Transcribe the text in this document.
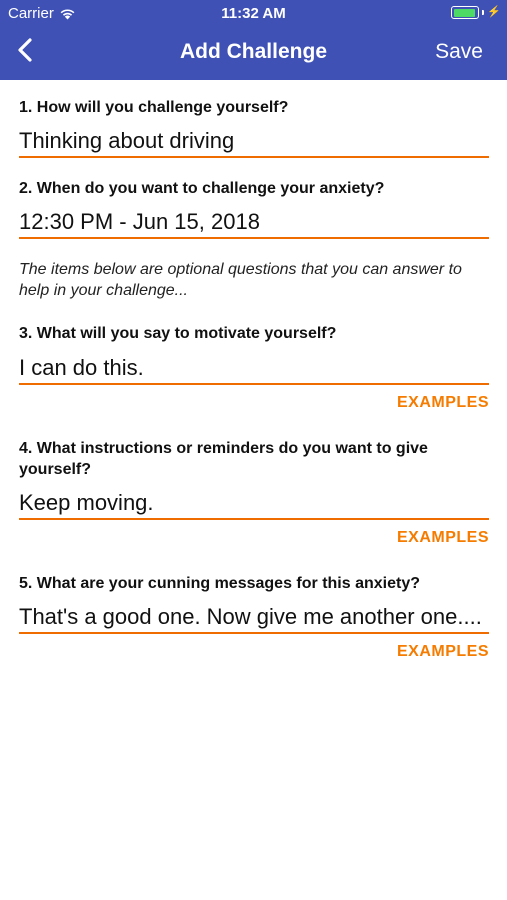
Carrier	11:32 AM	⚡
Add Challenge	Save
1. How will you challenge yourself?
Thinking about driving
2. When do you want to challenge your anxiety?
12:30 PM - Jun 15, 2018
The items below are optional questions that you can answer to help in your challenge...
3. What will you say to motivate yourself?
I can do this.
EXAMPLES
4. What instructions or reminders do you want to give yourself?
Keep moving.
EXAMPLES
5. What are your cunning messages for this anxiety?
That's a good one. Now give me another one....
EXAMPLES
